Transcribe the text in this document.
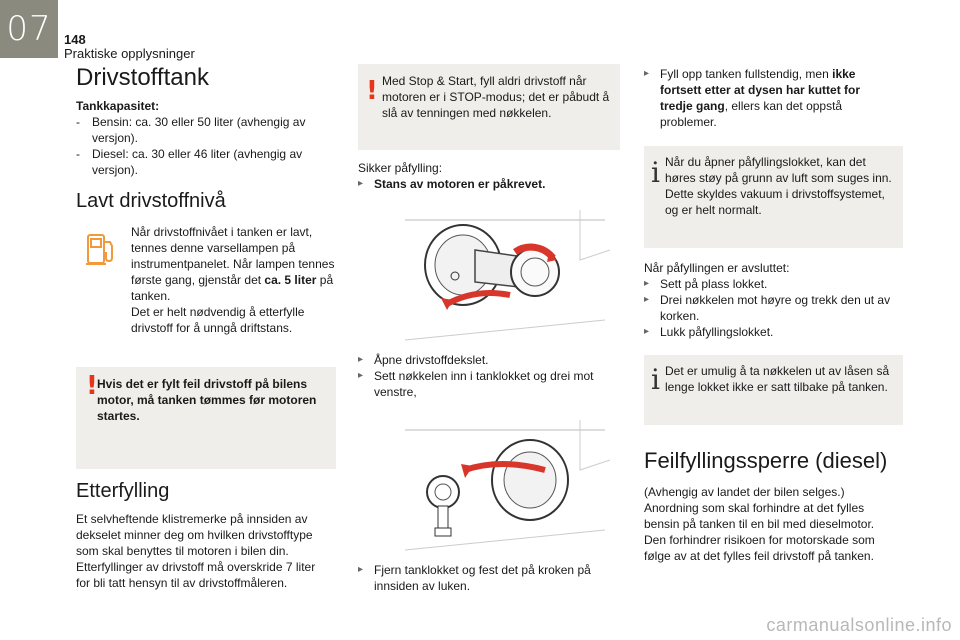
07 148
Praktiske opplysninger
Drivstofftank
Tankkapasitet:
- Bensin: ca. 30 eller 50 liter (avhengig av versjon).
- Diesel: ca. 30 eller 46 liter (avhengig av versjon).
Lavt drivstoffnivå
Når drivstoffnivået i tanken er lavt, tennes denne varsellampen på instrumentpanelet. Når lampen tennes første gang, gjenstår det ca. 5 liter på tanken.
Det er helt nødvendig å etterfylle drivstoff for å unngå driftstans.
! Hvis det er fylt feil drivstoff på bilens motor, må tanken tømmes før motoren startes.
Etterfylling
Et selvheftende klistremerke på innsiden av dekselet minner deg om hvilken drivstofftype som skal benyttes til motoren i bilen din. Etterfyllinger av drivstoff må overskride 7 liter for bli tatt hensyn til av drivstoffmåleren.
! Med Stop & Start, fyll aldri drivstoff når motoren er i STOP-modus; det er påbudt å slå av tenningen med nøkkelen.
Sikker påfylling:
▸ Stans av motoren er påkrevet.
▸ Åpne drivstoffdekslet.
▸ Sett nøkkelen inn i tanklokket og drei mot venstre,
▸ Fjern tanklokket og fest det på kroken på innsiden av luken.
▸ Fyll opp tanken fullstendig, men ikke fortsett etter at dysen har kuttet for tredje gang, ellers kan det oppstå problemer.
i Når du åpner påfyllingslokket, kan det høres støy på grunn av luft som suges inn. Dette skyldes vakuum i drivstoffsystemet, og er helt normalt.
Når påfyllingen er avsluttet:
▸ Sett på plass lokket.
▸ Drei nøkkelen mot høyre og trekk den ut av korken.
▸ Lukk påfyllingslokket.
i Det er umulig å ta nøkkelen ut av låsen så lenge lokket ikke er satt tilbake på tanken.
Feilfyllingssperre (diesel)
(Avhengig av landet der bilen selges.) Anordning som skal forhindre at det fylles bensin på tanken til en bil med dieselmotor. Den forhindrer risikoen for motorskade som følge av at det fylles feil drivstoff på tanken.
carmanualsonline.info
